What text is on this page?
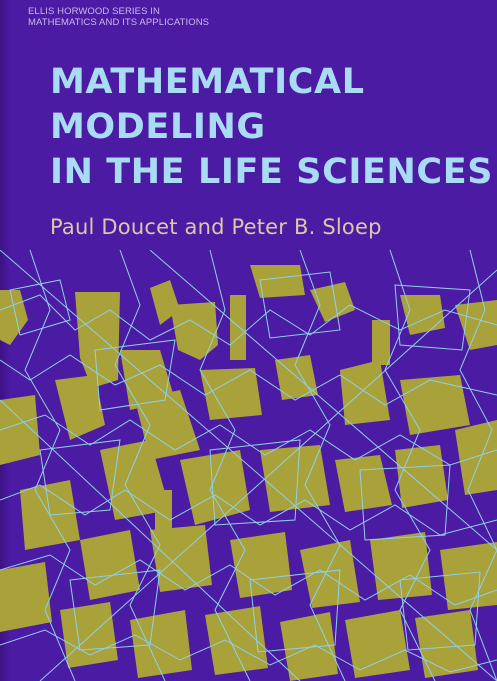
ELLIS HORWOOD SERIES IN
MATHEMATICS AND ITS APPLICATIONS
MATHEMATICAL
MODELING
IN THE LIFE SCIENCES
Paul Doucet and Peter B. Sloep
